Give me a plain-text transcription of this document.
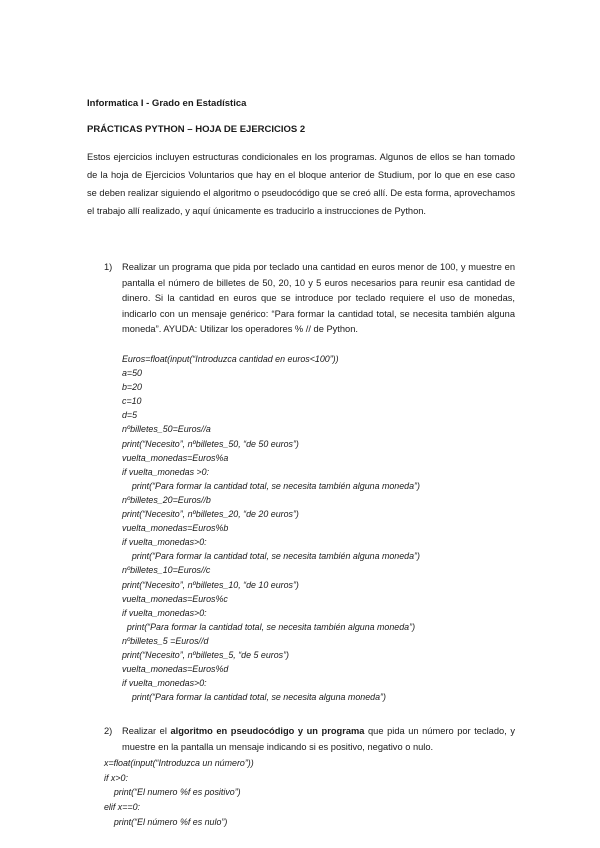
Informatica I - Grado en Estadística
PRÁCTICAS PYTHON – HOJA DE EJERCICIOS 2

Estos ejercicios incluyen estructuras condicionales en los programas. Algunos de ellos se han tomado de la hoja de Ejercicios Voluntarios que hay en el bloque anterior de Studium, por lo que en ese caso se deben realizar siguiendo el algoritmo o pseudocódigo que se creó allí. De esta forma, aprovechamos el trabajo allí realizado, y aquí únicamente es traducirlo a instrucciones de Python.

1) Realizar un programa que pida por teclado una cantidad en euros menor de 100, y muestre en pantalla el número de billetes de 50, 20, 10 y 5 euros necesarios para reunir esa cantidad de dinero. Si la cantidad en euros que se introduce por teclado requiere el uso de monedas, indicarlo con un mensaje genérico: “Para formar la cantidad total, se necesita también alguna moneda”. AYUDA: Utilizar los operadores % // de Python.

Euros=float(input(“Introduzca cantidad en euros<100”))
a=50
b=20
c=10
d=5
nºbilletes_50=Euros//a
print(“Necesito”, nºbilletes_50, “de 50 euros”)
vuelta_monedas=Euros%a
if vuelta_monedas >0:
print(“Para formar la cantidad total, se necesita también alguna moneda”)
nºbilletes_20=Euros//b
print(“Necesito”, nºbilletes_20, “de 20 euros”)
vuelta_monedas=Euros%b
if vuelta_monedas>0:
print(“Para formar la cantidad total, se necesita también alguna moneda”)
nºbilletes_10=Euros//c
print(“Necesito”, nºbilletes_10, “de 10 euros”)
vuelta_monedas=Euros%c
if vuelta_monedas>0:
print(“Para formar la cantidad total, se necesita también alguna moneda”)
nºbilletes_5 =Euros//d
print(“Necesito”, nºbilletes_5, “de 5 euros”)
vuelta_monedas=Euros%d
if vuelta_monedas>0:
print(“Para formar la cantidad total, se necesita alguna moneda”)
2) Realizar el algoritmo en pseudocódigo y un programa que pida un número por teclado, y muestre en la pantalla un mensaje indicando si es positivo, negativo o nulo.

x=float(input(“Introduzca un número”))
if x>0:
print(“El numero %f es positivo”)
elif x==0:
print(“El número %f es nulo”)
